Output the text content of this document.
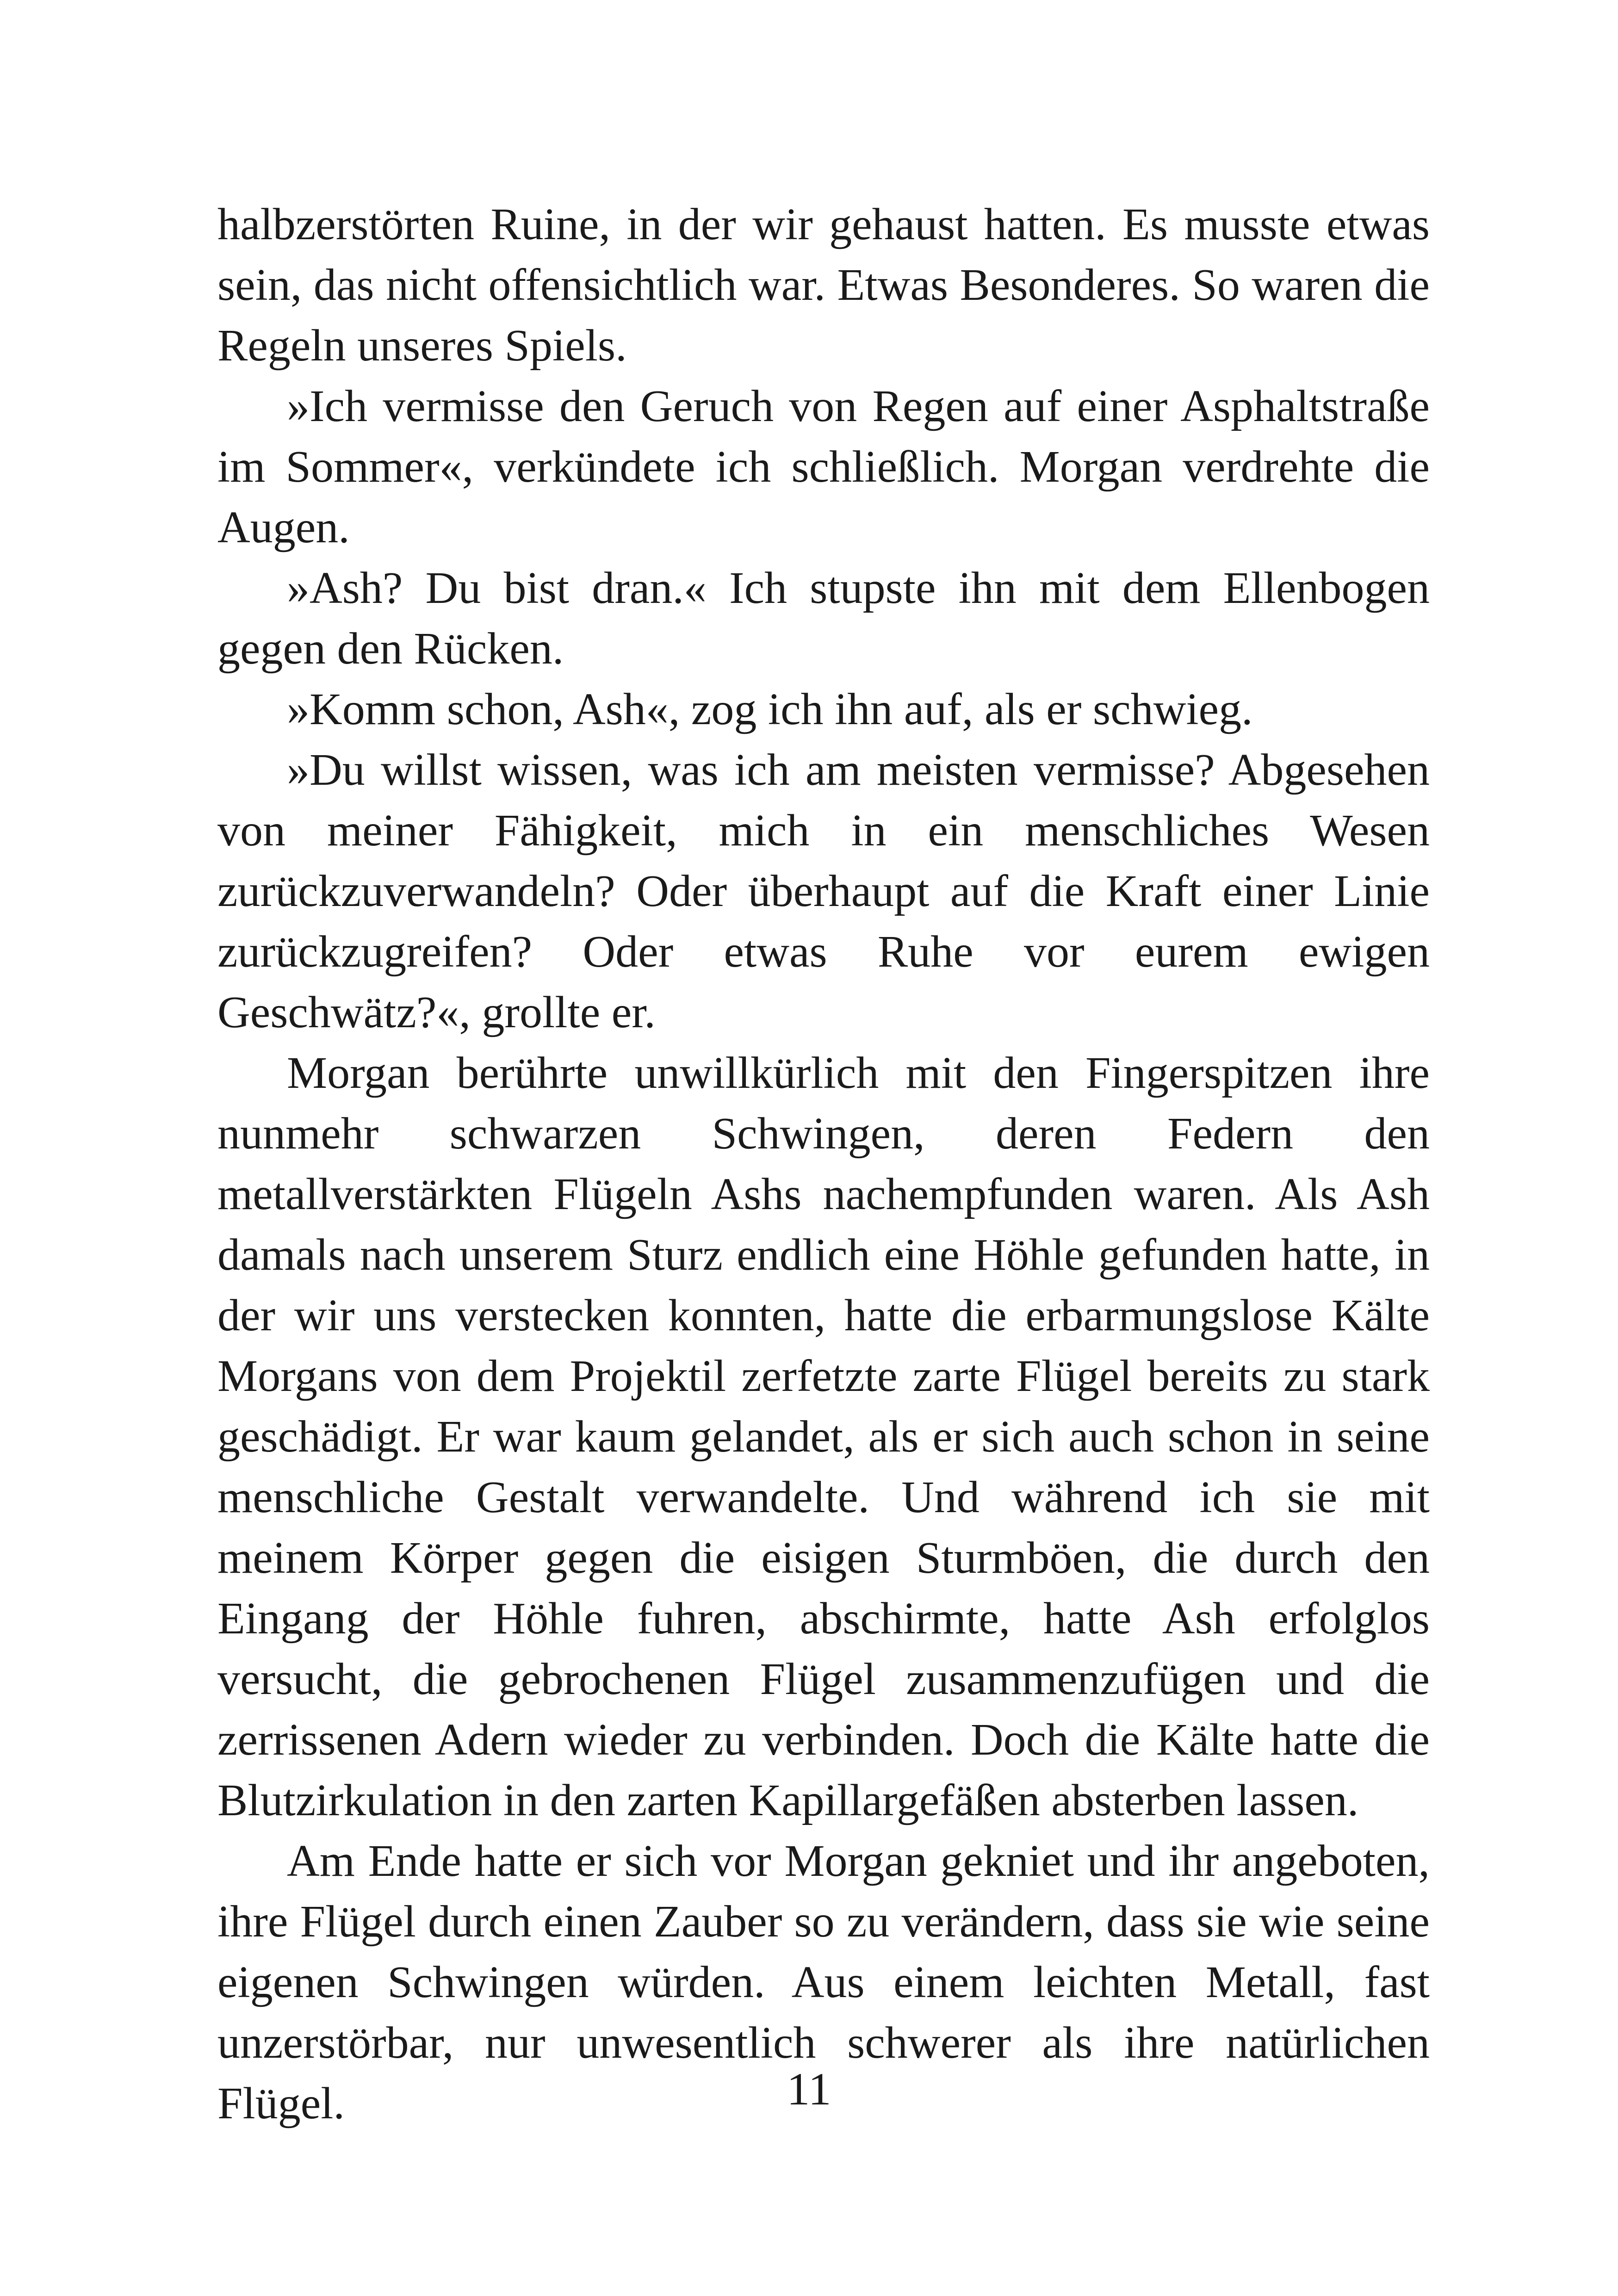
halbzerstörten Ruine, in der wir gehaust hatten. Es musste etwas sein, das nicht offensichtlich war. Etwas Besonderes. So waren die Regeln unseres Spiels.

»Ich vermisse den Geruch von Regen auf einer Asphaltstraße im Sommer«, verkündete ich schließlich. Morgan verdrehte die Augen.

»Ash? Du bist dran.« Ich stupste ihn mit dem Ellenbogen gegen den Rücken.

»Komm schon, Ash«, zog ich ihn auf, als er schwieg.

»Du willst wissen, was ich am meisten vermisse? Abgesehen von meiner Fähigkeit, mich in ein menschliches Wesen zurückzuverwandeln? Oder überhaupt auf die Kraft einer Linie zurückzugreifen? Oder etwas Ruhe vor eurem ewigen Geschwätz?«, grollte er.

Morgan berührte unwillkürlich mit den Fingerspitzen ihre nunmehr schwarzen Schwingen, deren Federn den metallverstärkten Flügeln Ashs nachempfunden waren. Als Ash damals nach unserem Sturz endlich eine Höhle gefunden hatte, in der wir uns verstecken konnten, hatte die erbarmungslose Kälte Morgans von dem Projektil zerfetzte zarte Flügel bereits zu stark geschädigt. Er war kaum gelandet, als er sich auch schon in seine menschliche Gestalt verwandelte. Und während ich sie mit meinem Körper gegen die eisigen Sturmböen, die durch den Eingang der Höhle fuhren, abschirmte, hatte Ash erfolglos versucht, die gebrochenen Flügel zusammenzufügen und die zerrissenen Adern wieder zu verbinden. Doch die Kälte hatte die Blutzirkulation in den zarten Kapillargefäßen absterben lassen.

Am Ende hatte er sich vor Morgan gekniet und ihr angeboten, ihre Flügel durch einen Zauber so zu verändern, dass sie wie seine eigenen Schwingen würden. Aus einem leichten Metall, fast unzerstörbar, nur unwesentlich schwerer als ihre natürlichen Flügel.	11
